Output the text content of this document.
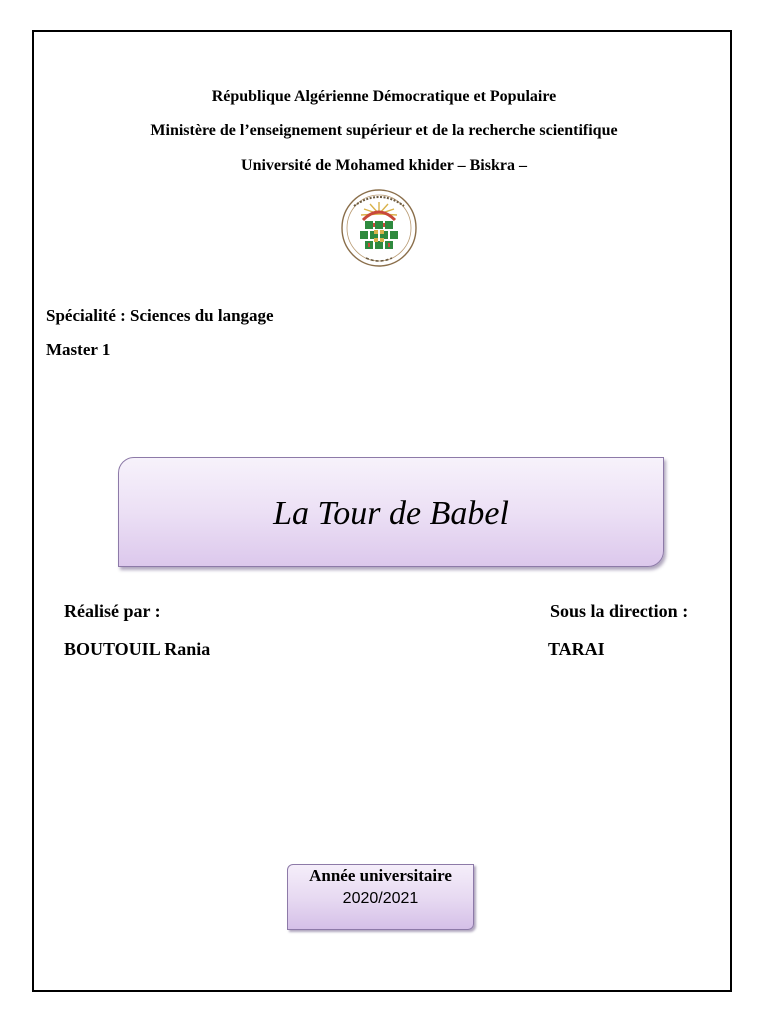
République Algérienne Démocratique et Populaire
Ministère de l’enseignement supérieur et de la recherche scientifique
Université de Mohamed khider – Biskra –
Spécialité : Sciences du langage
Master 1
La Tour de Babel
Réalisé par :
BOUTOUIL Rania
Sous la direction :
TARAI
Année universitaire
2020/2021
